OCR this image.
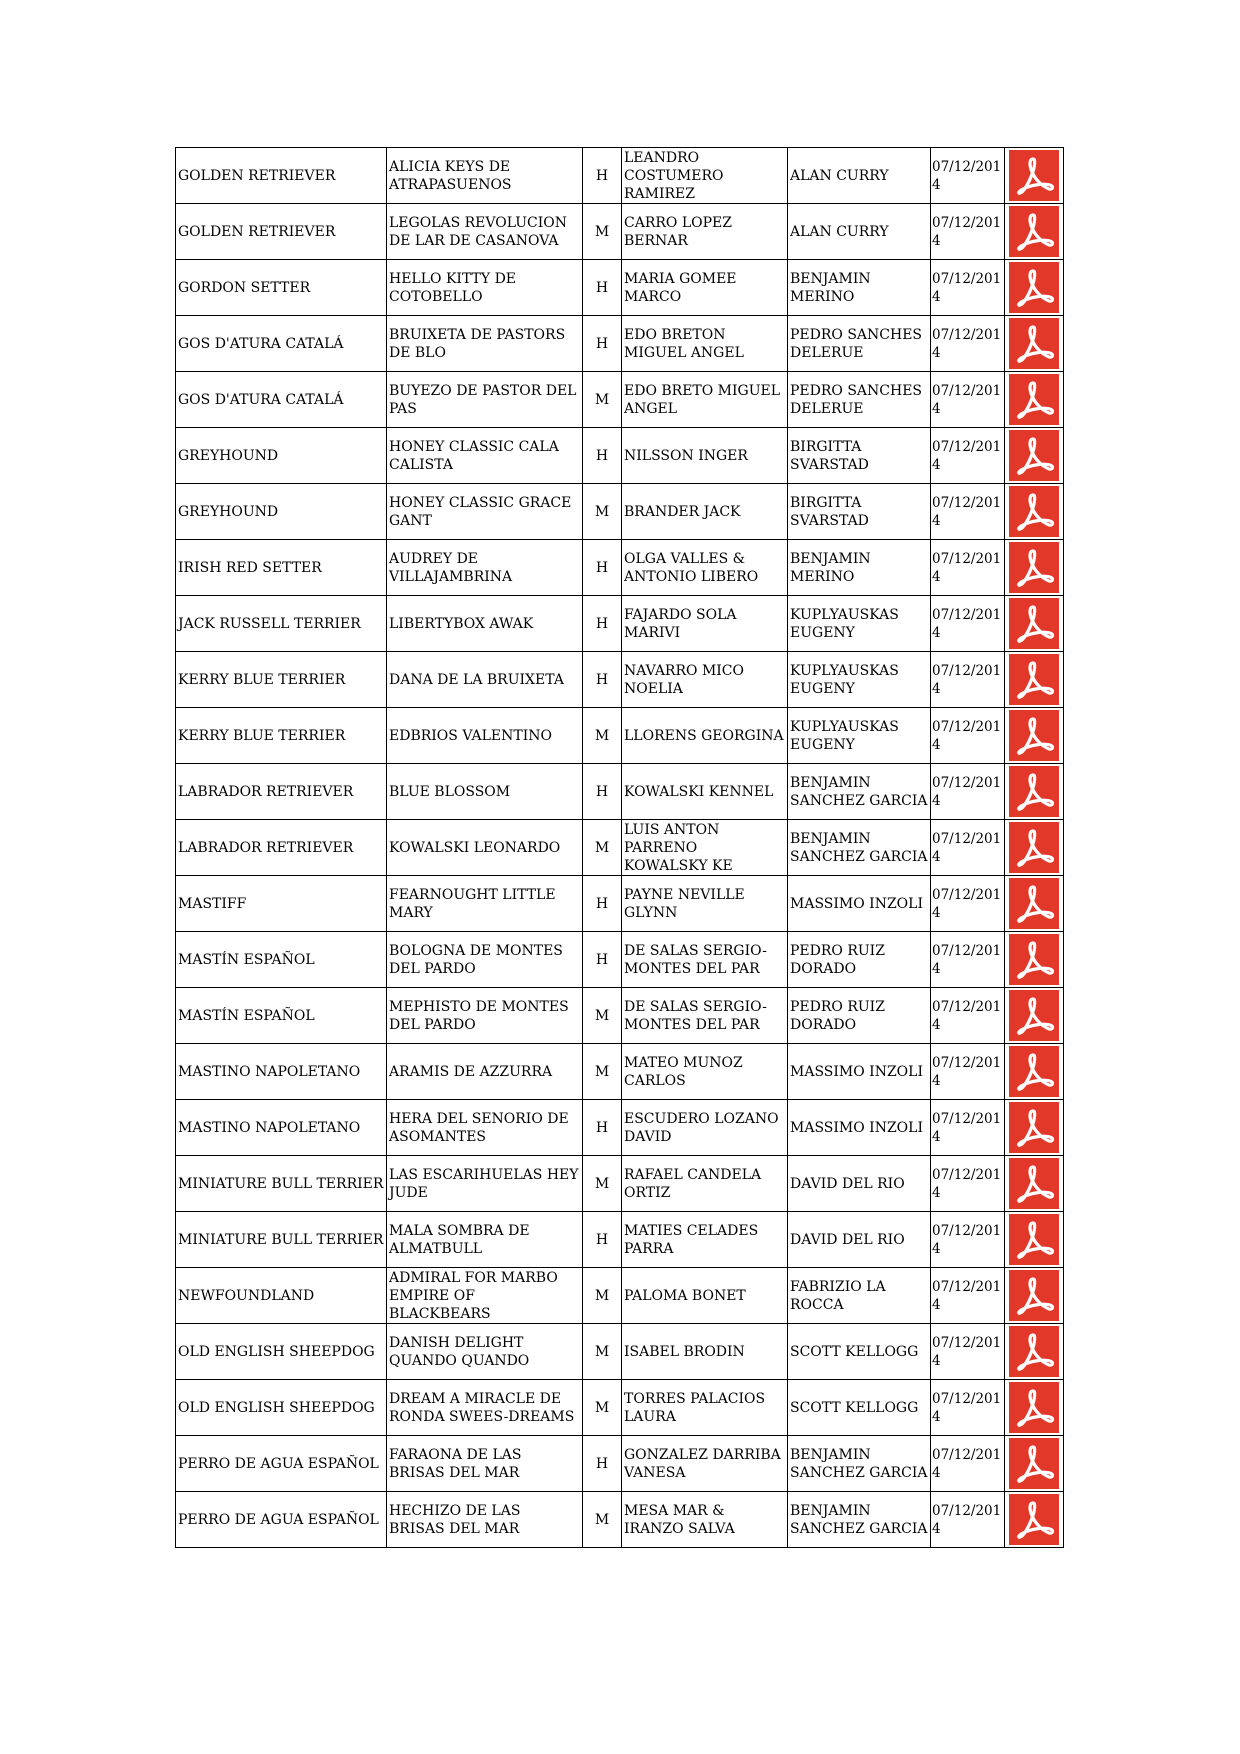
GOLDEN RETRIEVER	ALICIA KEYS DE ATRAPASUENOS	H	LEANDRO COSTUMERO RAMIREZ	ALAN CURRY	07/12/2014	

GOLDEN RETRIEVER	LEGOLAS REVOLUCION DE LAR DE CASANOVA	M	CARRO LOPEZ BERNAR	ALAN CURRY	07/12/2014	

GORDON SETTER	HELLO KITTY DE COTOBELLO	H	MARIA GOMEE MARCO	BENJAMIN MERINO	07/12/2014	

GOS D'ATURA CATALÁ	BRUIXETA DE PASTORS DE BLO	H	EDO BRETON MIGUEL ANGEL	PEDRO SANCHES DELERUE	07/12/2014	

GOS D'ATURA CATALÁ	BUYEZO DE PASTOR DEL PAS	M	EDO BRETO MIGUEL ANGEL	PEDRO SANCHES DELERUE	07/12/2014	

GREYHOUND	HONEY CLASSIC CALA CALISTA	H	NILSSON INGER	BIRGITTA SVARSTAD	07/12/2014	

GREYHOUND	HONEY CLASSIC GRACE GANT	M	BRANDER JACK	BIRGITTA SVARSTAD	07/12/2014	

IRISH RED SETTER	AUDREY DE VILLAJAMBRINA	H	OLGA VALLES & ANTONIO LIBERO	BENJAMIN MERINO	07/12/2014	

JACK RUSSELL TERRIER	LIBERTYBOX AWAK	H	FAJARDO SOLA MARIVI	KUPLYAUSKAS EUGENY	07/12/2014	

KERRY BLUE TERRIER	DANA DE LA BRUIXETA	H	NAVARRO MICO NOELIA	KUPLYAUSKAS EUGENY	07/12/2014	

KERRY BLUE TERRIER	EDBRIOS VALENTINO	M	LLORENS GEORGINA	KUPLYAUSKAS EUGENY	07/12/2014	

LABRADOR RETRIEVER	BLUE BLOSSOM	H	KOWALSKI KENNEL	BENJAMIN SANCHEZ GARCIA	07/12/2014	

LABRADOR RETRIEVER	KOWALSKI LEONARDO	M	LUIS ANTON PARRENO KOWALSKY KE	BENJAMIN SANCHEZ GARCIA	07/12/2014	

MASTIFF	FEARNOUGHT LITTLE MARY	H	PAYNE NEVILLE GLYNN	MASSIMO INZOLI	07/12/2014	

MASTÍN ESPAÑOL	BOLOGNA DE MONTES DEL PARDO	H	DE SALAS SERGIO-MONTES DEL PAR	PEDRO RUIZ DORADO	07/12/2014	

MASTÍN ESPAÑOL	MEPHISTO DE MONTES DEL PARDO	M	DE SALAS SERGIO-MONTES DEL PAR	PEDRO RUIZ DORADO	07/12/2014	

MASTINO NAPOLETANO	ARAMIS DE AZZURRA	M	MATEO MUNOZ CARLOS	MASSIMO INZOLI	07/12/2014	

MASTINO NAPOLETANO	HERA DEL SENORIO DE ASOMANTES	H	ESCUDERO LOZANO DAVID	MASSIMO INZOLI	07/12/2014	

MINIATURE BULL TERRIER	LAS ESCARIHUELAS HEY JUDE	M	RAFAEL CANDELA ORTIZ	DAVID DEL RIO	07/12/2014	

MINIATURE BULL TERRIER	MALA SOMBRA DE ALMATBULL	H	MATIES CELADES PARRA	DAVID DEL RIO	07/12/2014	

NEWFOUNDLAND	ADMIRAL FOR MARBO EMPIRE OF BLACKBEARS	M	PALOMA BONET	FABRIZIO LA ROCCA	07/12/2014	

OLD ENGLISH SHEEPDOG	DANISH DELIGHT QUANDO QUANDO	M	ISABEL BRODIN	SCOTT KELLOGG	07/12/2014	

OLD ENGLISH SHEEPDOG	DREAM A MIRACLE DE RONDA SWEES-DREAMS	M	TORRES PALACIOS LAURA	SCOTT KELLOGG	07/12/2014	

PERRO DE AGUA ESPAÑOL	FARAONA DE LAS BRISAS DEL MAR	H	GONZALEZ DARRIBA VANESA	BENJAMIN SANCHEZ GARCIA	07/12/2014	

PERRO DE AGUA ESPAÑOL	HECHIZO DE LAS BRISAS DEL MAR	M	MESA MAR & IRANZO SALVA	BENJAMIN SANCHEZ GARCIA	07/12/2014	
